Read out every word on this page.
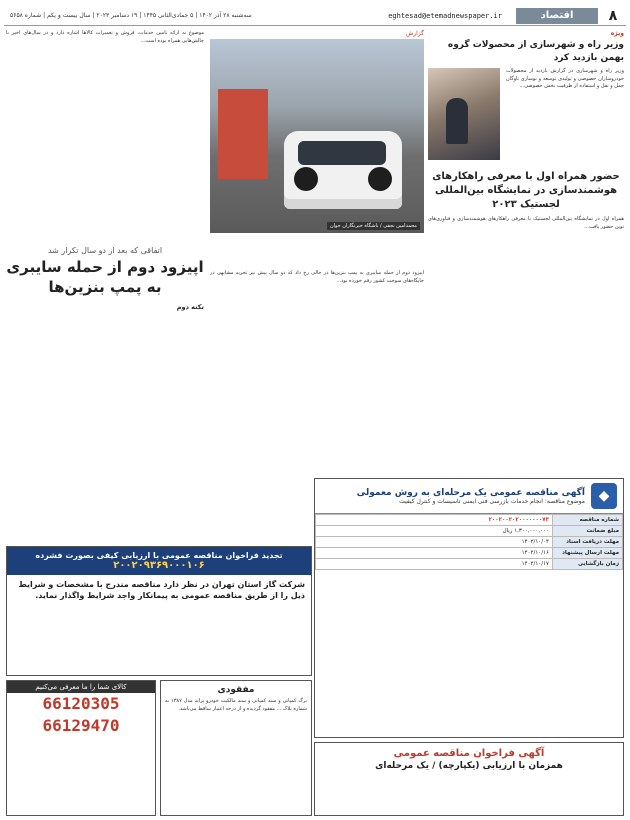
۸
اقتصاد
eghtesad@etemadnewspaper.ir
سه‌شنبه ۲۸ آذر ۱۴۰۲ | ۵ جمادی‌الثانی ۱۴۴۵ | ۱۹ دسامبر ۲۰۲۳ | سال بیست و یکم | شماره ۵۶۵۸
ویژه
وزیر راه و شهرسازی از محصولات گروه بهمن بازدید کرد
وزیر راه و شهرسازی در گزارش بازدید از محصولات خودروسازان خصوصی و تولیدی توسعه و نوسازی ناوگان حمل و نقل و استفاده از ظرفیت بخش خصوصی...
حضور همراه اول با معرفی راهکارهای هوشمندسازی در نمایشگاه بین‌المللی لجستیک ۲۰۲۳
همراه اول در نمایشگاه بین‌المللی لجستیک با معرفی راهکارهای هوشمندسازی و فناوری‌های نوین حضور یافت...
گزارش
محمدامین نجفی / باشگاه خبرنگاران جوان
موضوع به ارائه تامین خدمات، فروش و تعمیرات کالاها اشاره دارد و در سال‌های اخیر با چالش‌هایی همراه بوده است...
اتفاقی که بعد از دو سال تکرار شد
اپیزود دوم از حمله سایبری به پمپ بنزین‌ها
تکنه دوم
اپیزود دوم از حمله سایبری به پمپ بنزین‌ها در حالی رخ داد که دو سال پیش نیز تجربه مشابهی در جایگاه‌های سوخت کشور رقم خورده بود...
◆
آگهی مناقصه عمومی یک مرحله‌ای به روش معمولی
موضوع مناقصه: انجام خدمات بازرسی فنی ایمنی تاسیسات و کنترل کیفیت
شماره مناقصه	۲۰۰۲۰۰۲۰۲۰۰۰۰۰۰۰۷۳
مبلغ ضمانت	۱,۳۰۰,۰۰۰,۰۰۰ ریال
مهلت دریافت اسناد	۱۴۰۲/۱۰/۰۴
مهلت ارسال پیشنهاد	۱۴۰۲/۱۰/۱۶
زمان بازگشایی	۱۴۰۲/۱۰/۱۷
آگهی فراخوان مناقصه عمومی
همزمان با ارزیابی (یکپارچه) / یک مرحله‌ای
تجدید فراخوان مناقصه عمومی با ارزیابی کیفی بصورت فشرده
۲۰۰۲۰۹۳۶۹۰۰۰۱۰۶
شرکت گاز استان تهران در نظر دارد مناقصه مندرج با مشخصات و شرایط ذیل را از طریق مناقصه عمومی به پیمانکار واجد شرایط واگذار نماید.
کالای شما را ما معرفی می‌کنیم
66120305
66129470
مفقودی
برگ کمپانی و سند کمپانی و سند مالکیت خودرو پراید مدل ۱۳۸۷ به شماره پلاک ... مفقود گردیده و از درجه اعتبار ساقط می‌باشد.
